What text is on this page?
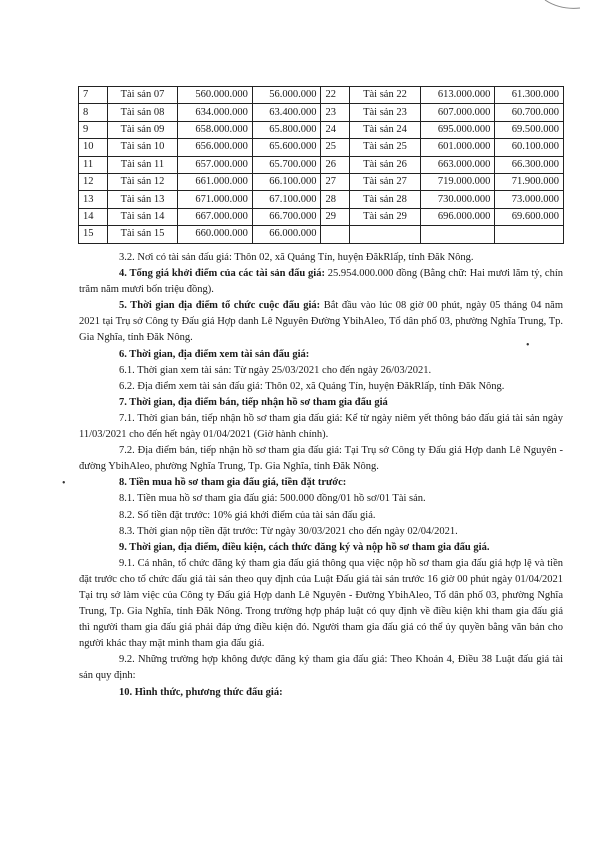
7	Tài sản 07	560.000.000	56.000.000	22	Tài sản 22	613.000.000	61.300.000
8	Tài sản 08	634.000.000	63.400.000	23	Tài sản 23	607.000.000	60.700.000
9	Tài sản 09	658.000.000	65.800.000	24	Tài sản 24	695.000.000	69.500.000
10	Tài sản 10	656.000.000	65.600.000	25	Tài sản 25	601.000.000	60.100.000
11	Tài sản 11	657.000.000	65.700.000	26	Tài sản 26	663.000.000	66.300.000
12	Tài sản 12	661.000.000	66.100.000	27	Tài sản 27	719.000.000	71.900.000
13	Tài sản 13	671.000.000	67.100.000	28	Tài sản 28	730.000.000	73.000.000
14	Tài sản 14	667.000.000	66.700.000	29	Tài sản 29	696.000.000	69.600.000
15	Tài sản 15	660.000.000	66.000.000				

3.2. Nơi có tài sản đấu giá: Thôn 02, xã Quảng Tín, huyện ĐăkRlấp, tỉnh Đăk Nông.

4. Tổng giá khởi điểm của các tài sản đấu giá: 25.954.000.000 đồng (Bằng chữ: Hai mươi lăm tỷ, chín trăm năm mươi bốn triệu đồng).

5. Thời gian địa điểm tổ chức cuộc đấu giá: Bắt đầu vào lúc 08 giờ 00 phút, ngày 05 tháng 04 năm 2021 tại Trụ sở Công ty Đấu giá Hợp danh Lê Nguyên Đường YbihAleo, Tổ dân phố 03, phường Nghĩa Trung, Tp. Gia Nghĩa, tỉnh Đăk Nông.

6. Thời gian, địa điểm xem tài sản đấu giá:

6.1. Thời gian xem tài sản: Từ ngày 25/03/2021 cho đến ngày 26/03/2021.

6.2. Địa điểm xem tài sản đấu giá: Thôn 02, xã Quảng Tín, huyện ĐăkRlấp, tỉnh Đăk Nông.

7. Thời gian, địa điểm bán, tiếp nhận hồ sơ tham gia đấu giá

7.1. Thời gian bán, tiếp nhận hồ sơ tham gia đấu giá: Kể từ ngày niêm yết thông báo đấu giá tài sản ngày 11/03/2021 cho đến hết ngày 01/04/2021 (Giờ hành chính).

7.2. Địa điểm bán, tiếp nhận hồ sơ tham gia đấu giá: Tại Trụ sở Công ty Đấu giá Hợp danh Lê Nguyên - đường YbihAleo, phường Nghĩa Trung, Tp. Gia Nghĩa, tỉnh Đăk Nông.

8. Tiền mua hồ sơ tham gia đấu giá, tiền đặt trước:

8.1. Tiền mua hồ sơ tham gia đấu giá: 500.000 đồng/01 hồ sơ/01 Tài sản.

8.2. Số tiền đặt trước: 10% giá khởi điểm của tài sản đấu giá.

8.3. Thời gian nộp tiền đặt trước: Từ ngày 30/03/2021 cho đến ngày 02/04/2021.

9. Thời gian, địa điểm, điều kiện, cách thức đăng ký và nộp hồ sơ tham gia đấu giá.

9.1. Cá nhân, tổ chức đăng ký tham gia đấu giá thông qua việc nộp hồ sơ tham gia đấu giá hợp lệ và tiền đặt trước cho tổ chức đấu giá tài sản theo quy định của Luật Đấu giá tài sản trước 16 giờ 00 phút ngày 01/04/2021 Tại trụ sở làm việc của Công ty Đấu giá Hợp danh Lê Nguyên - Đường YbihAleo, Tổ dân phố 03, phường Nghĩa Trung, Tp. Gia Nghĩa, tỉnh Đăk Nông. Trong trường hợp pháp luật có quy định về điều kiện khi tham gia đấu giá thì người tham gia đấu giá phải đáp ứng điều kiện đó. Người tham gia đấu giá có thể ủy quyền bằng văn bản cho người khác thay mặt mình tham gia đấu giá.

9.2. Những trường hợp không được đăng ký tham gia đấu giá: Theo Khoản 4, Điều 38 Luật đấu giá tài sản quy định:

10. Hình thức, phương thức đấu giá:

•
•
